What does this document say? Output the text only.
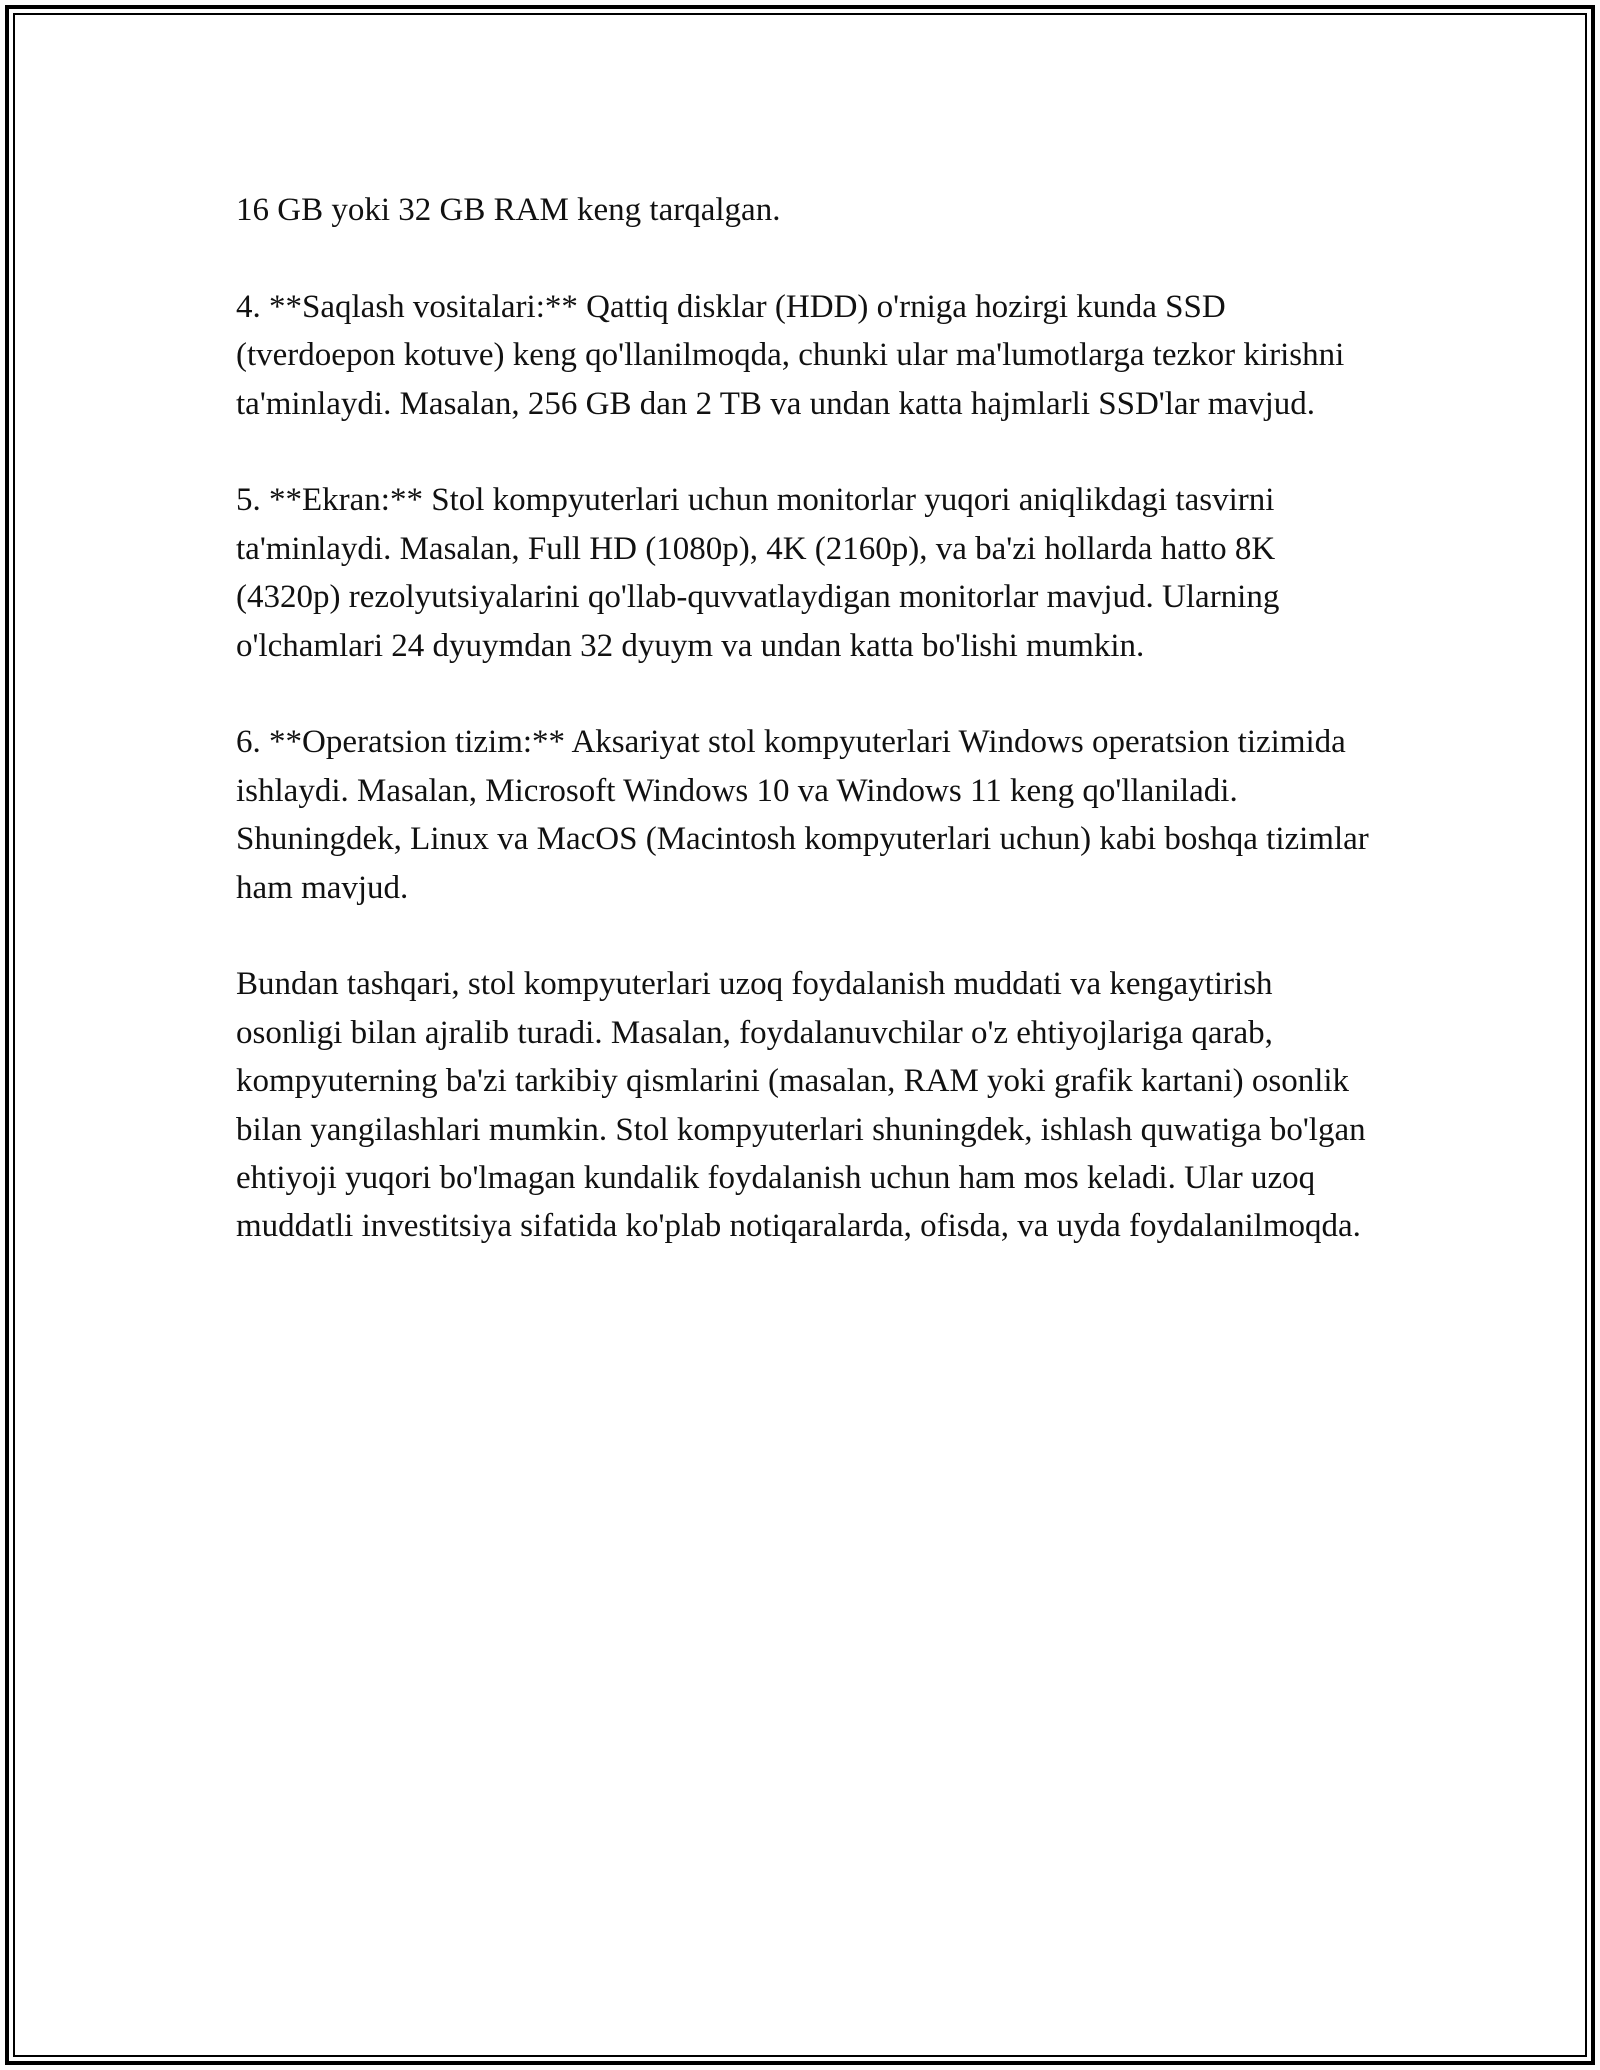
16 GB yoki 32 GB RAM keng tarqalgan.

4. **Saqlash vositalari:** Qattiq disklar (HDD) o'rniga hozirgi kunda SSD (tverdoepon kotuve) keng qo'llanilmoqda, chunki ular ma'lumotlarga tezkor kirishni ta'minlaydi. Masalan, 256 GB dan 2 TB va undan katta hajmlarli SSD'lar mavjud.

5. **Ekran:** Stol kompyuterlari uchun monitorlar yuqori aniqlikdagi tasvirni ta'minlaydi. Masalan, Full HD (1080p), 4K (2160p), va ba'zi hollarda hatto 8K (4320p) rezolyutsiyalarini qo'llab-quvvatlaydigan monitorlar mavjud. Ularning o'lchamlari 24 dyuymdan 32 dyuym va undan katta bo'lishi mumkin.

6. **Operatsion tizim:** Aksariyat stol kompyuterlari Windows operatsion tizimida ishlaydi. Masalan, Microsoft Windows 10 va Windows 11 keng qo'llaniladi. Shuningdek, Linux va MacOS (Macintosh kompyuterlari uchun) kabi boshqa tizimlar ham mavjud.

Bundan tashqari, stol kompyuterlari uzoq foydalanish muddati va kengaytirish osonligi bilan ajralib turadi. Masalan, foydalanuvchilar o'z ehtiyojlariga qarab, kompyuterning ba'zi tarkibiy qismlarini (masalan, RAM yoki grafik kartani) osonlik bilan yangilashlari mumkin. Stol kompyuterlari shuningdek, ishlash quwatiga bo'lgan ehtiyoji yuqori bo'lmagan kundalik foydalanish uchun ham mos keladi. Ular uzoq muddatli investitsiya sifatida ko'plab notiqaralarda, ofisda, va uyda foydalanilmoqda.
